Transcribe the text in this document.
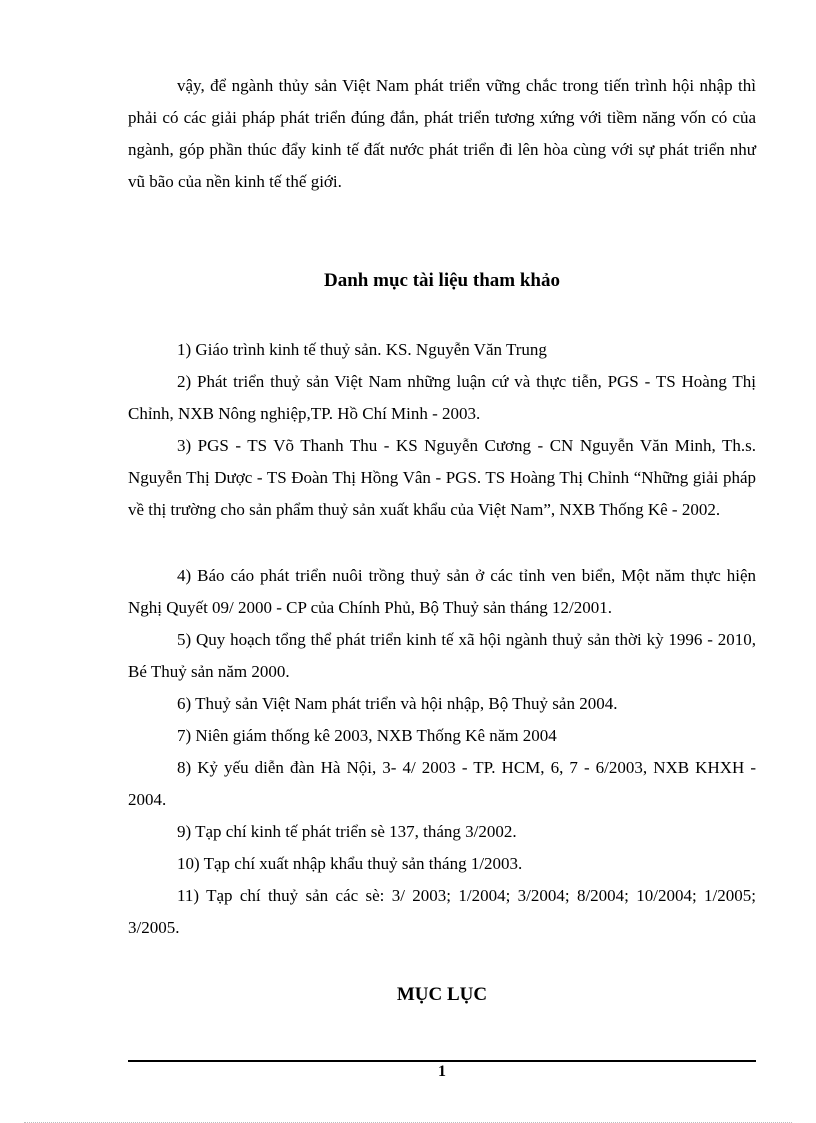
vậy, để ngành thủy sản Việt Nam phát triển vững chắc trong tiến trình hội nhập thì phải có các giải pháp phát triển đúng đắn, phát triển tương xứng với tiềm năng vốn có của ngành, góp phần thúc đẩy kinh tế đất nước phát triển đi lên hòa cùng với sự phát triển như vũ bão của nền kinh tế thế giới.

Danh mục tài liệu tham khảo

1) Giáo trình kinh tế thuỷ sản. KS. Nguyễn Văn Trung

2) Phát triển thuỷ sản Việt Nam những luận cứ và thực tiễn, PGS - TS Hoàng Thị Chỉnh, NXB Nông nghiệp,TP. Hồ Chí Minh - 2003.

3) PGS - TS Võ Thanh Thu - KS Nguyễn Cương - CN Nguyễn Văn Minh, Th.s. Nguyễn Thị Dược - TS Đoàn Thị Hồng Vân - PGS. TS Hoàng Thị Chỉnh “Những giải pháp về thị trường cho sản phẩm thuỷ sản xuất khẩu của Việt Nam”, NXB Thống Kê - 2002.

4) Báo cáo phát triển nuôi trồng thuỷ sản ở các tỉnh ven biển, Một năm thực hiện Nghị Quyết 09/ 2000 - CP của Chính Phủ, Bộ Thuỷ sản tháng 12/2001.

5) Quy hoạch tổng thể phát triển kinh tế xã hội ngành thuỷ sản thời kỳ 1996 - 2010, Bé Thuỷ sản năm 2000.

6) Thuỷ sản Việt Nam phát triển và hội nhập, Bộ Thuỷ sản 2004.

7) Niên giám thống kê 2003, NXB Thống Kê năm 2004

8) Kỷ yếu diễn đàn Hà Nội, 3- 4/ 2003 - TP. HCM, 6, 7 - 6/2003, NXB KHXH - 2004.

9) Tạp chí kinh tế phát triển sè 137, tháng 3/2002.

10) Tạp chí xuất nhập khẩu thuỷ sản tháng 1/2003.

11) Tạp chí thuỷ sản các sè: 3/ 2003; 1/2004; 3/2004; 8/2004; 10/2004; 1/2005; 3/2005.

MỤC LỤC

1
